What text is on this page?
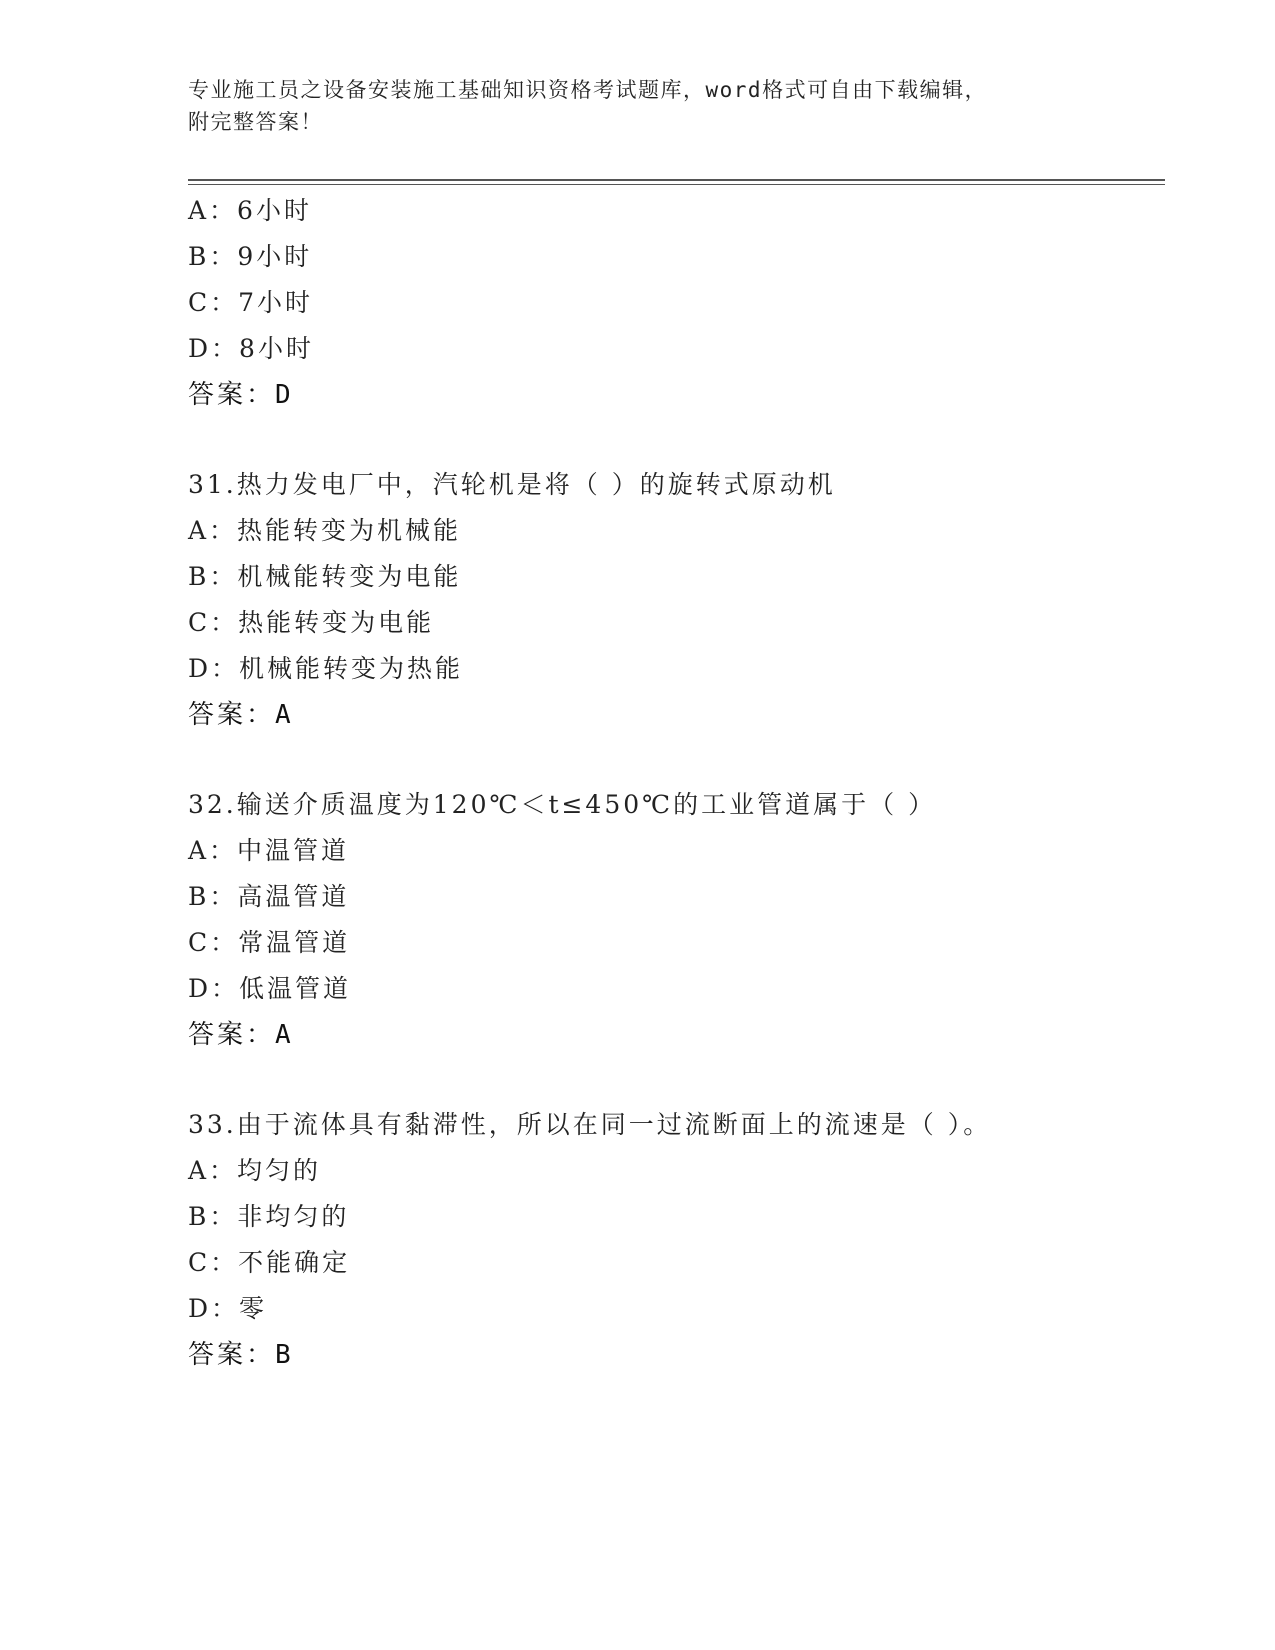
专业施工员之设备安装施工基础知识资格考试题库，word格式可自由下载编辑，

附完整答案！

A：6小时
B：9小时
C：7小时
D：8小时
答案：D
31.热力发电厂中，汽轮机是将（ ）的旋转式原动机
A：热能转变为机械能
B：机械能转变为电能
C：热能转变为电能
D：机械能转变为热能
答案：A
32.输送介质温度为120℃＜t≤450℃的工业管道属于（ ）
A：中温管道
B：高温管道
C：常温管道
D：低温管道
答案：A
33.由于流体具有黏滞性，所以在同一过流断面上的流速是（ ）。
A：均匀的
B：非均匀的
C：不能确定
D：零
答案：B
